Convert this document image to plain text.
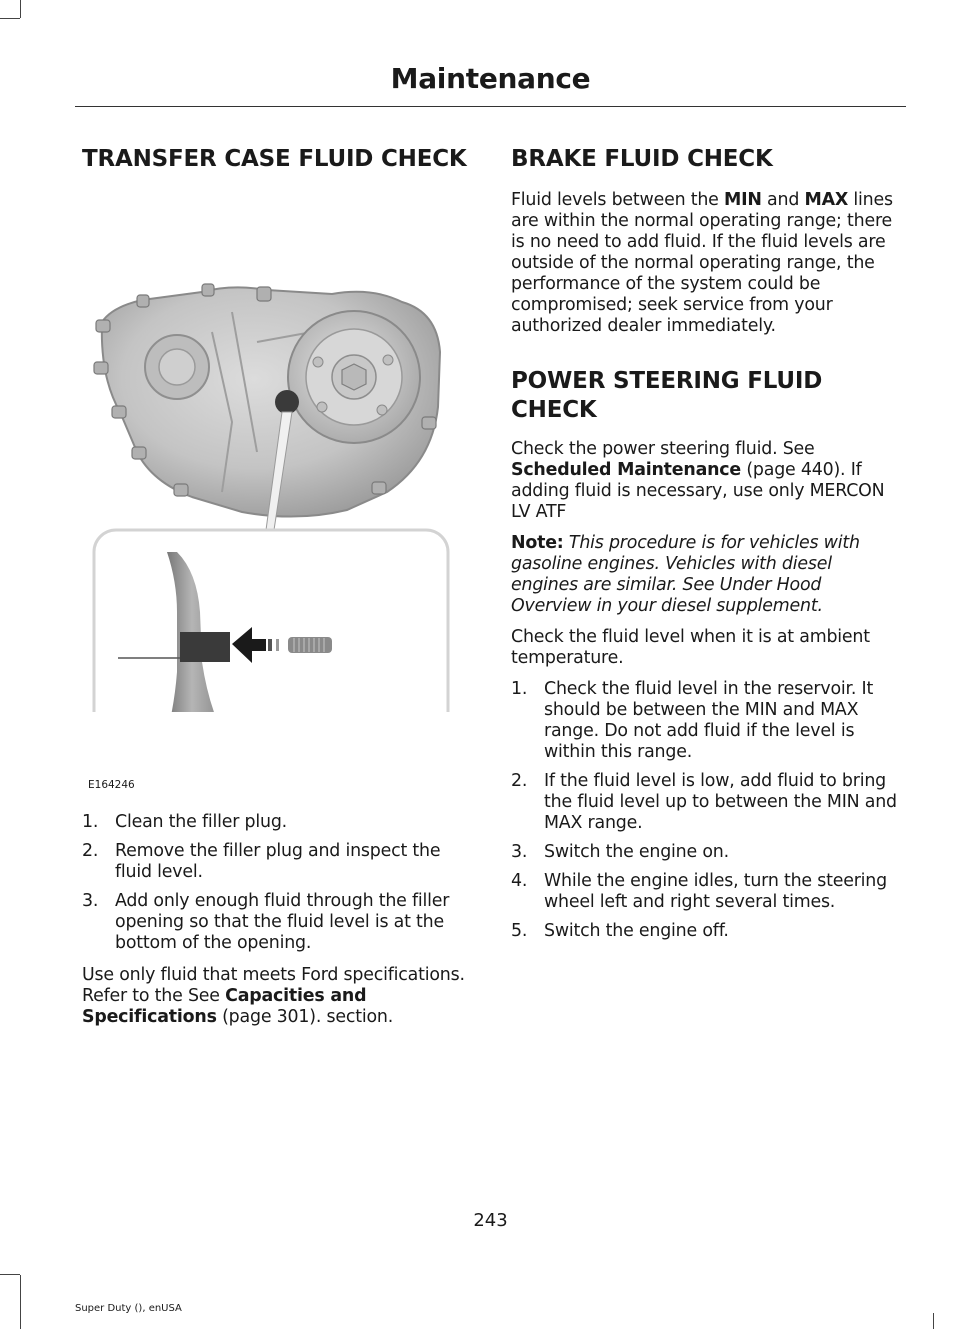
Maintenance
TRANSFER CASE FLUID CHECK
E164246
1. Clean the filler plug.
2. Remove the filler plug and inspect the fluid level.
3. Add only enough fluid through the filler opening so that the fluid level is at the bottom of the opening.

Use only fluid that meets Ford specifications. Refer to the See Capacities and Specifications (page 301). section.

BRAKE FLUID CHECK

Fluid levels between the MIN and MAX lines are within the normal operating range; there is no need to add fluid. If the fluid levels are outside of the normal operating range, the performance of the system could be compromised; seek service from your authorized dealer immediately.

POWER STEERING FLUID CHECK

Check the power steering fluid. See Scheduled Maintenance (page 440). If adding fluid is necessary, use only MERCON LV ATF

Note: This procedure is for vehicles with gasoline engines. Vehicles with diesel engines are similar. See Under Hood Overview in your diesel supplement.

Check the fluid level when it is at ambient temperature.

1. Check the fluid level in the reservoir. It should be between the MIN and MAX range. Do not add fluid if the level is within this range.
2. If the fluid level is low, add fluid to bring the fluid level up to between the MIN and MAX range.
3. Switch the engine on.
4. While the engine idles, turn the steering wheel left and right several times.
5. Switch the engine off.
243
Super Duty (), enUSA
